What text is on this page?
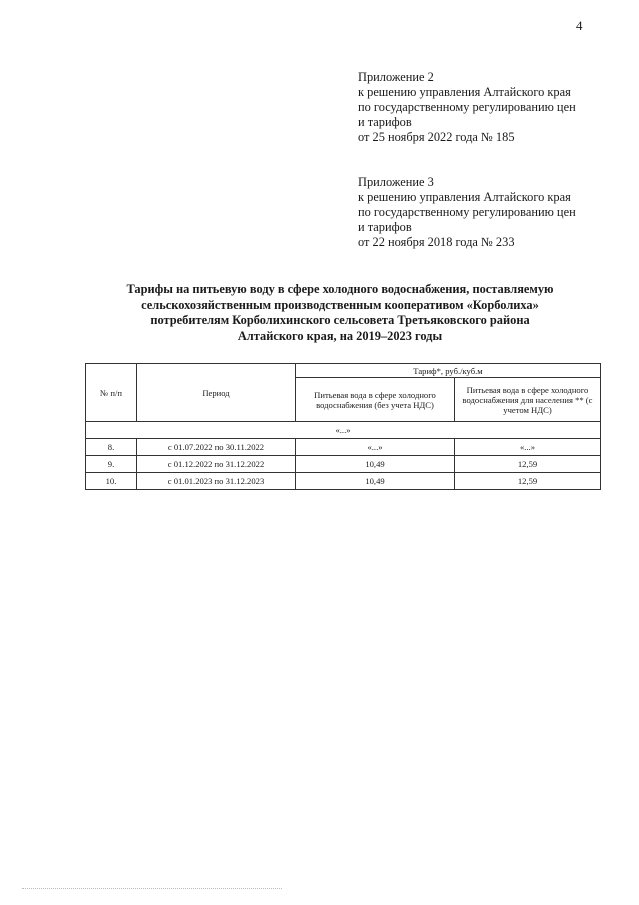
4
Приложение 2
к решению управления Алтайского края
по государственному регулированию цен
и тарифов
от 25 ноября 2022 года № 185
Приложение 3
к решению управления Алтайского края
по государственному регулированию цен
и тарифов
от 22 ноября 2018 года № 233
Тарифы на питьевую воду в сфере холодного водоснабжения, поставляемую
сельскохозяйственным производственным кооперативом «Корболиха»
потребителям Корболихинского сельсовета Третьяковского района
Алтайского края, на 2019–2023 годы
№ п/п	Период	Тариф*, руб./куб.м	
		Питьевая вода в сфере холодного водоснабжения (без учета НДС)	Питьевая вода в сфере холодного водоснабжения для населения ** (с учетом НДС)
«...»			
8.	с 01.07.2022 по 30.11.2022	«...»	«...»
9.	с 01.12.2022 по 31.12.2022	10,49	12,59
10.	с 01.01.2023 по 31.12.2023	10,49	12,59
